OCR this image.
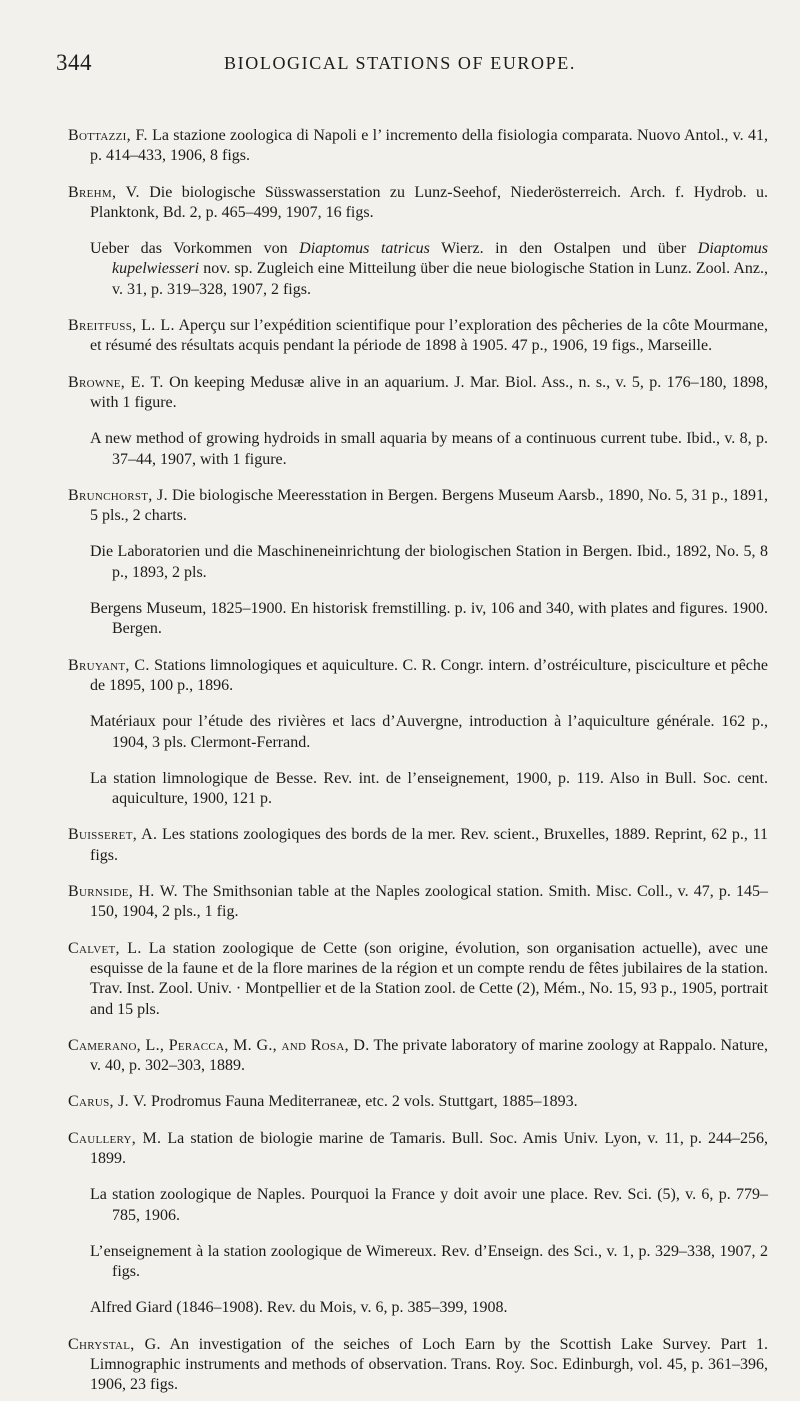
344	BIOLOGICAL STATIONS OF EUROPE.

Bottazzi, F. La stazione zoologica di Napoli e l’ incremento della fisiologia comparata. Nuovo Antol., v. 41, p. 414–433, 1906, 8 figs.

Brehm, V. Die biologische Süsswasserstation zu Lunz-Seehof, Niederösterreich. Arch. f. Hydrob. u. Planktonk, Bd. 2, p. 465–499, 1907, 16 figs.

Ueber das Vorkommen von Diaptomus tatricus Wierz. in den Ostalpen und über Diaptomus kupelwiesseri nov. sp. Zugleich eine Mitteilung über die neue biologische Station in Lunz. Zool. Anz., v. 31, p. 319–328, 1907, 2 figs.

Breitfuss, L. L. Aperçu sur l’expédition scientifique pour l’exploration des pêcheries de la côte Mourmane, et résumé des résultats acquis pendant la période de 1898 à 1905. 47 p., 1906, 19 figs., Marseille.

Browne, E. T. On keeping Medusæ alive in an aquarium. J. Mar. Biol. Ass., n. s., v. 5, p. 176–180, 1898, with 1 figure.

A new method of growing hydroids in small aquaria by means of a continuous current tube. Ibid., v. 8, p. 37–44, 1907, with 1 figure.

Brunchorst, J. Die biologische Meeresstation in Bergen. Bergens Museum Aarsb., 1890, No. 5, 31 p., 1891, 5 pls., 2 charts.

Die Laboratorien und die Maschineneinrichtung der biologischen Station in Bergen. Ibid., 1892, No. 5, 8 p., 1893, 2 pls.

Bergens Museum, 1825–1900. En historisk fremstilling. p. iv, 106 and 340, with plates and figures. 1900. Bergen.

Bruyant, C. Stations limnologiques et aquiculture. C. R. Congr. intern. d’ostréiculture, pisciculture et pêche de 1895, 100 p., 1896.

Matériaux pour l’étude des rivières et lacs d’Auvergne, introduction à l’aquiculture générale. 162 p., 1904, 3 pls. Clermont-Ferrand.

La station limnologique de Besse. Rev. int. de l’enseignement, 1900, p. 119. Also in Bull. Soc. cent. aquiculture, 1900, 121 p.

Buisseret, A. Les stations zoologiques des bords de la mer. Rev. scient., Bruxelles, 1889. Reprint, 62 p., 11 figs.

Burnside, H. W. The Smithsonian table at the Naples zoological station. Smith. Misc. Coll., v. 47, p. 145–150, 1904, 2 pls., 1 fig.

Calvet, L. La station zoologique de Cette (son origine, évolution, son organisation actuelle), avec une esquisse de la faune et de la flore marines de la région et un compte rendu de fêtes jubilaires de la station. Trav. Inst. Zool. Univ. · Montpellier et de la Station zool. de Cette (2), Mém., No. 15, 93 p., 1905, portrait and 15 pls.

Camerano, L., Peracca, M. G., and Rosa, D. The private laboratory of marine zoology at Rappalo. Nature, v. 40, p. 302–303, 1889.

Carus, J. V. Prodromus Fauna Mediterraneæ, etc. 2 vols. Stuttgart, 1885–1893.

Caullery, M. La station de biologie marine de Tamaris. Bull. Soc. Amis Univ. Lyon, v. 11, p. 244–256, 1899.

La station zoologique de Naples. Pourquoi la France y doit avoir une place. Rev. Sci. (5), v. 6, p. 779–785, 1906.

L’enseignement à la station zoologique de Wimereux. Rev. d’Enseign. des Sci., v. 1, p. 329–338, 1907, 2 figs.

Alfred Giard (1846–1908). Rev. du Mois, v. 6, p. 385–399, 1908.

Chrystal, G. An investigation of the seiches of Loch Earn by the Scottish Lake Survey. Part 1. Limnographic instruments and methods of observation. Trans. Roy. Soc. Edinburgh, vol. 45, p. 361–396, 1906, 23 figs.
